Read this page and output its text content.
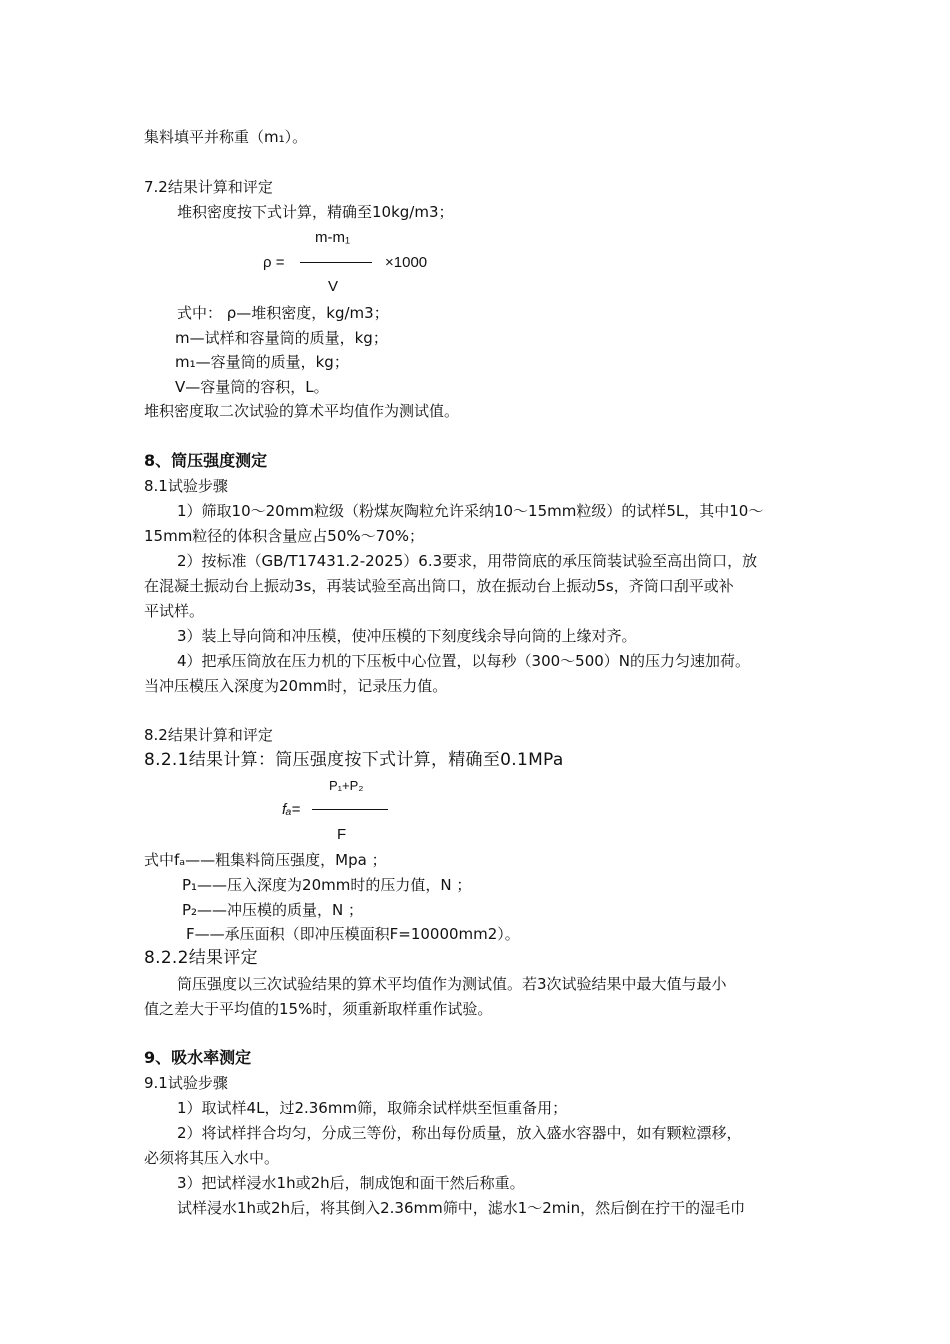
集料填平并称重（m₁）。
7.2结果计算和评定
堆积密度按下式计算，精确至10kg/m3；
m-m₁
ρ =	×1000
V
式中： ρ—堆积密度，kg/m3；
m—试样和容量筒的质量，kg；
m₁—容量筒的质量，kg；
V—容量筒的容积，L。
堆积密度取二次试验的算术平均值作为测试值。
8、筒压强度测定
8.1试验步骤
1）筛取10～20mm粒级（粉煤灰陶粒允许采纳10～15mm粒级）的试样5L，其中10～
15mm粒径的体积含量应占50%～70%；
2）按标准（GB/T17431.2-2025）6.3要求，用带筒底的承压筒装试验至高出筒口，放
在混凝土振动台上振动3s，再装试验至高出筒口，放在振动台上振动5s，齐筒口刮平或补
平试样。
3）装上导向筒和冲压模，使冲压模的下刻度线余导向筒的上缘对齐。
4）把承压筒放在压力机的下压板中心位置，以每秒（300～500）N的压力匀速加荷。
当冲压模压入深度为20mm时，记录压力值。
8.2结果计算和评定
8.2.1结果计算：筒压强度按下式计算，精确至0.1MPa
P₁+P₂
fₐ=
F
式中fₐ——粗集料筒压强度，Mpa ；
P₁——压入深度为20mm时的压力值，N ；
P₂——冲压模的质量，N ；
F——承压面积（即冲压模面积F=10000mm2）。
8.2.2结果评定
筒压强度以三次试验结果的算术平均值作为测试值。若3次试验结果中最大值与最小
值之差大于平均值的15%时，须重新取样重作试验。
9、吸水率测定
9.1试验步骤
1）取试样4L，过2.36mm筛，取筛余试样烘至恒重备用；
2）将试样拌合均匀，分成三等份，称出每份质量，放入盛水容器中，如有颗粒漂移，
必须将其压入水中。
3）把试样浸水1h或2h后，制成饱和面干然后称重。
试样浸水1h或2h后，将其倒入2.36mm筛中，滤水1～2min，然后倒在拧干的湿毛巾
